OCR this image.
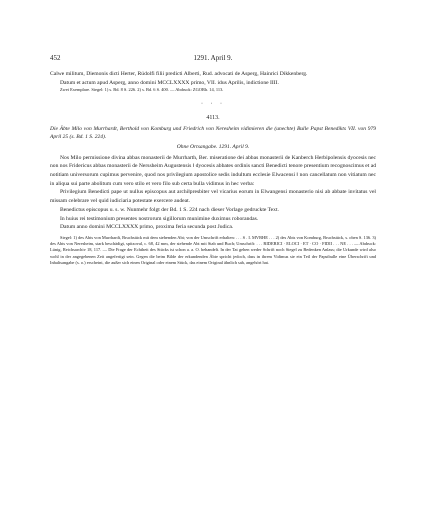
452	1291. April 9.

Calwe militum, Diemonis dicti Herter, Rúdolfi filii predicti Alberti, Rud. advocati de Asperg, Hainrici Dikkenberg.

Datum et actum apud Asperg, anno domini MCCLXXXX primo, VII. idus Aprilis, indictione IIII.

Zwei Exemplare. Siegel: 1) s. Bd. 8 S. 226. 2) s. Bd. 6 S. 400. — Abdruck: ZGORh. 14, 113.

· · ·
4113.

Die Äbte Milo von Murrhardt, Berthold von Komburg und Friedrich von Neresheim vidimieren die (unechte) Bulle Papst Benedikts VII. von 979 April 25 (s. Bd. 1 S. 224).

Ohne Ortsangabe. 1291. April 9.

Nos Milo permissione divina abbas monasterii de Murrharth, Ber. miseratione dei abbas monasterii de Kanberch Herbipolensis dyocesis nec non nos Fridericus abbas monasterii de Nerssheim Augustensis ‖ dyocesis abbates ordinis sancti Benedicti tenore presentium recognoscimus et ad notitiam universorum cupimus pervenire, quod nos privilegium apostolice sedis indultum ecclesie Elwacensi ‖ non cancellatum non vitiatum nec in aliqua sui parte abolitum cum vero stilo et vero filo sub certa bulla vidimus in hec verba:

Privilegium Benedicti pape ut nullus episcopus aut archi‖presbiter vel vicarius eorum in Elwangensi monasterio nisi ab abbate invitatus vel missam celebrare vel quid iudiciaria potestate exercere audeat.

Benedictus episcopus u. s. w. Nunmehr folgt der Bd. 1 S. 224 nach dieser Vorlage gedruckte Text.

In huius rei testimonium presentes nostrorum sigillorum munimine duximus roborandas.

Datum anno domini MCCLXXXX primo, proxima feria secunda post Judica.

Siegel: 1) des Abts von Murrhardt, Bruchstück mit dem stehenden Abt; von der Umschrift erhalten: . . . S . I. MVRHE . . . 2) des Abts von Komburg, Bruchstück, s. oben S. 136. 3) des Abts von Neresheim, stark beschädigt, spitzoval, c. 68, 42 mm, der stehende Abt mit Stab und Buch; Umschrift: . . . RIDERICI · ELOCI · ET · CO · FIDII . . . NE . . . — Abdruck: Lünig, Reichsarchiv 18, 117. — Die Frage der Echtheit des Stücks ist schon a. a. O. behandelt. In der Tat gehen weder Schrift noch Siegel zu Bedenken Anlass; die Urkunde wird also wohl in der angegebenen Zeit angefertigt sein. Gegen die beim Bilde der erkundenden Äbte spricht jedoch, dass in ihrem Vidimus sie ein Teil der Papstbulle eine Überschrift und Inhaltsangabe (s. o.) erscheint, die außer sich einen Original oder einem Stück, das einem Original ähnlich sah, angehört hat.
